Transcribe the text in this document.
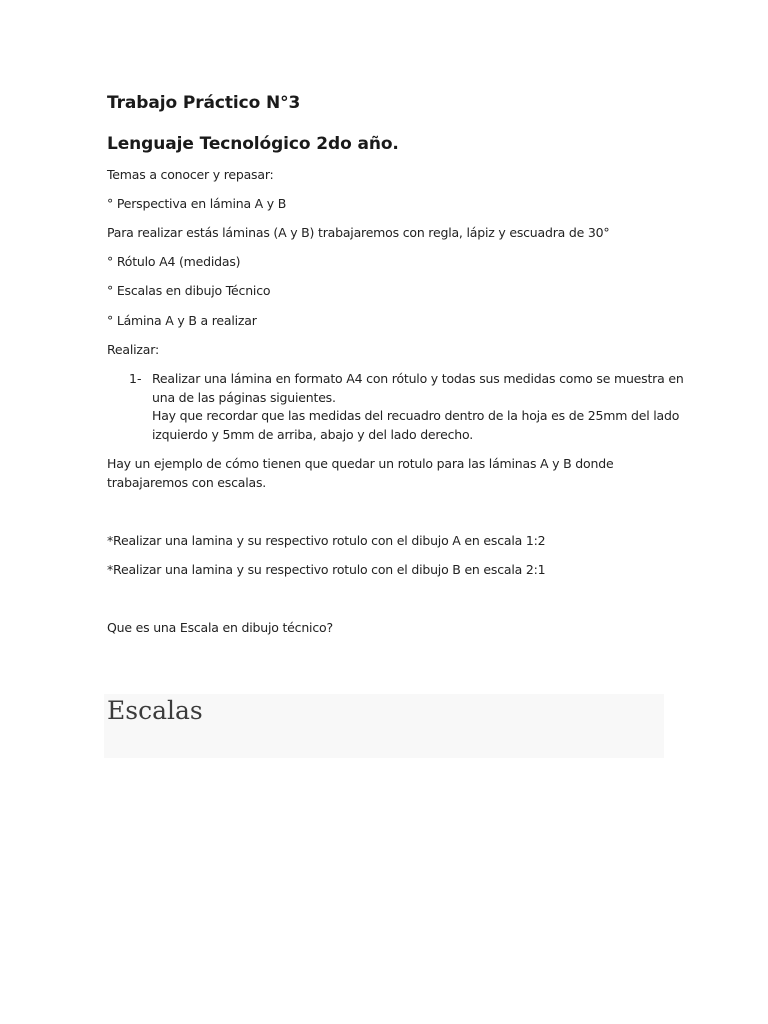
Trabajo Práctico N°3
Lenguaje Tecnológico 2do año.

Temas a conocer y repasar:

° Perspectiva en lámina A y B

Para realizar estás láminas (A y B) trabajaremos con regla, lápiz y escuadra de 30°

° Rótulo A4 (medidas)

° Escalas en dibujo Técnico

° Lámina A y B a realizar

Realizar:

1- Realizar una lámina en formato A4 con rótulo y todas sus medidas como se muestra en

una de las páginas siguientes.

Hay que recordar que las medidas del recuadro dentro de la hoja es de 25mm del lado

izquierdo y 5mm de arriba, abajo y del lado derecho.

Hay un ejemplo de cómo tienen que quedar un rotulo para las láminas A y B donde

trabajaremos con escalas.

*Realizar una lamina y su respectivo rotulo con el dibujo A en escala 1:2

*Realizar una lamina y su respectivo rotulo con el dibujo B en escala 2:1

Que es una Escala en dibujo técnico?

Escalas
